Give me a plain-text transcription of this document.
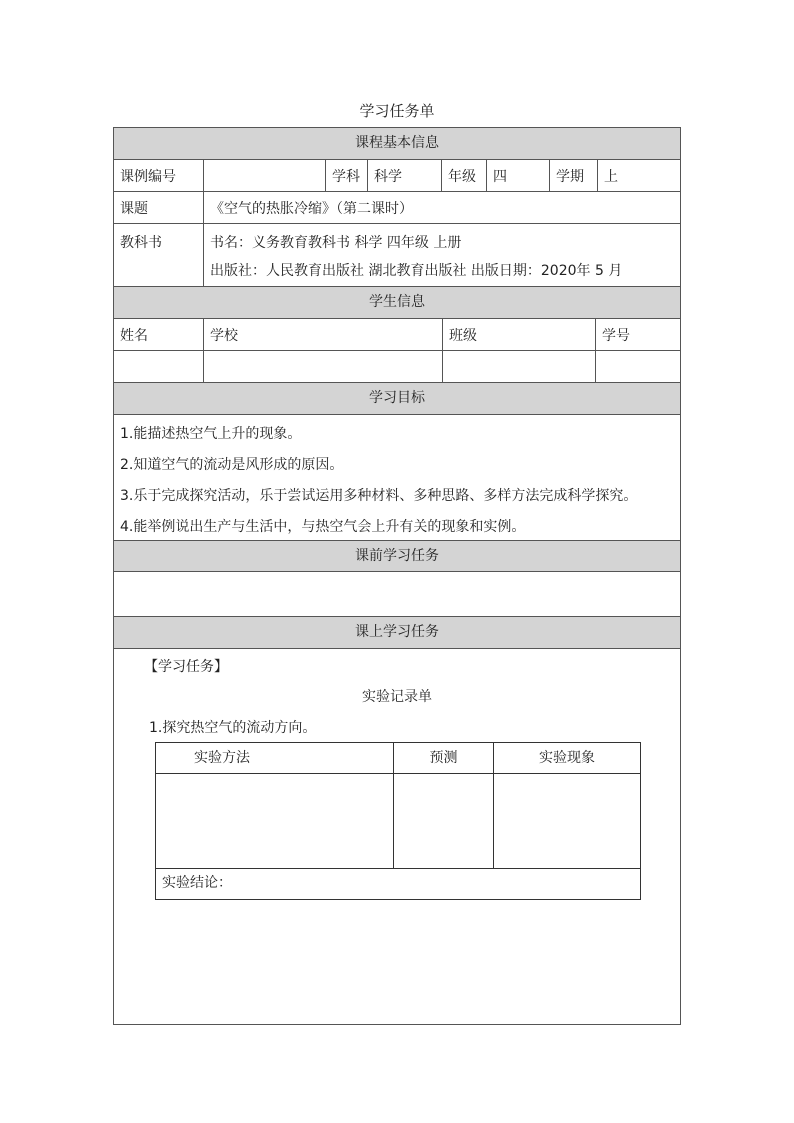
学习任务单
课程基本信息
课例编号	学科	科学	年级	四	学期	上
课题	《空气的热胀冷缩》（第二课时）
教科书	书名：义务教育教科书 科学 四年级 上册
出版社：人民教育出版社 湖北教育出版社 出版日期：2020年 5 月
学生信息
姓名	学校	班级	学号
学习目标
1.能描述热空气上升的现象。
2.知道空气的流动是风形成的原因。
3.乐于完成探究活动，乐于尝试运用多种材料、多种思路、多样方法完成科学探究。
4.能举例说出生产与生活中，与热空气会上升有关的现象和实例。
课前学习任务
课上学习任务
【学习任务】
实验记录单
1.探究热空气的流动方向。
实验方法	预测	实验现象
实验结论：
